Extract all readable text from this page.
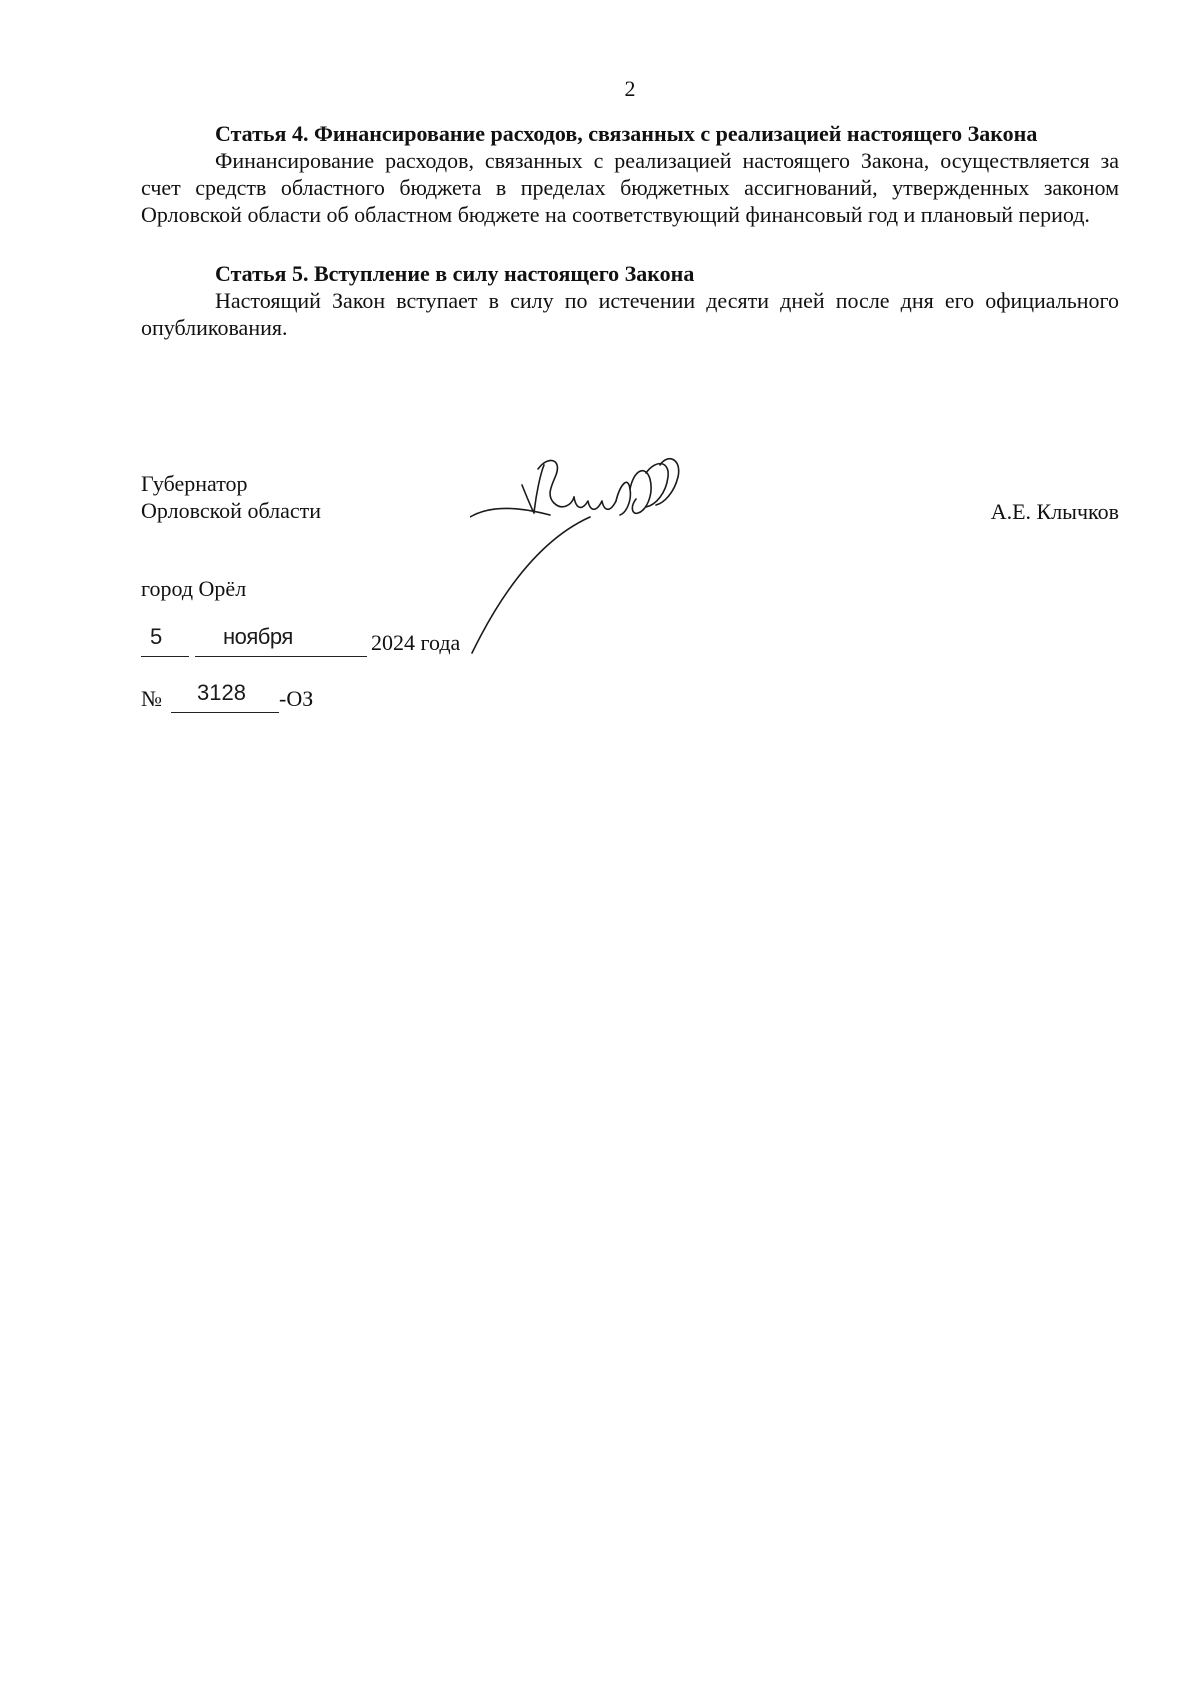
2

Статья 4. Финансирование расходов, связанных с реализацией настоящего Закона

Финансирование расходов, связанных с реализацией настоящего Закона, осуществляется за счет средств областного бюджета в пределах бюджетных ассигнований, утвержденных законом Орловской области об областном бюджете на соответствующий финансовый год и плановый период.

Статья 5. Вступление в силу настоящего Закона

Настоящий Закон вступает в силу по истечении десяти дней после дня его официального опубликования.

Губернатор
Орловской области	А.Е. Клычков
город Орёл
5	ноября	2024 года
№ 3128 -ОЗ
